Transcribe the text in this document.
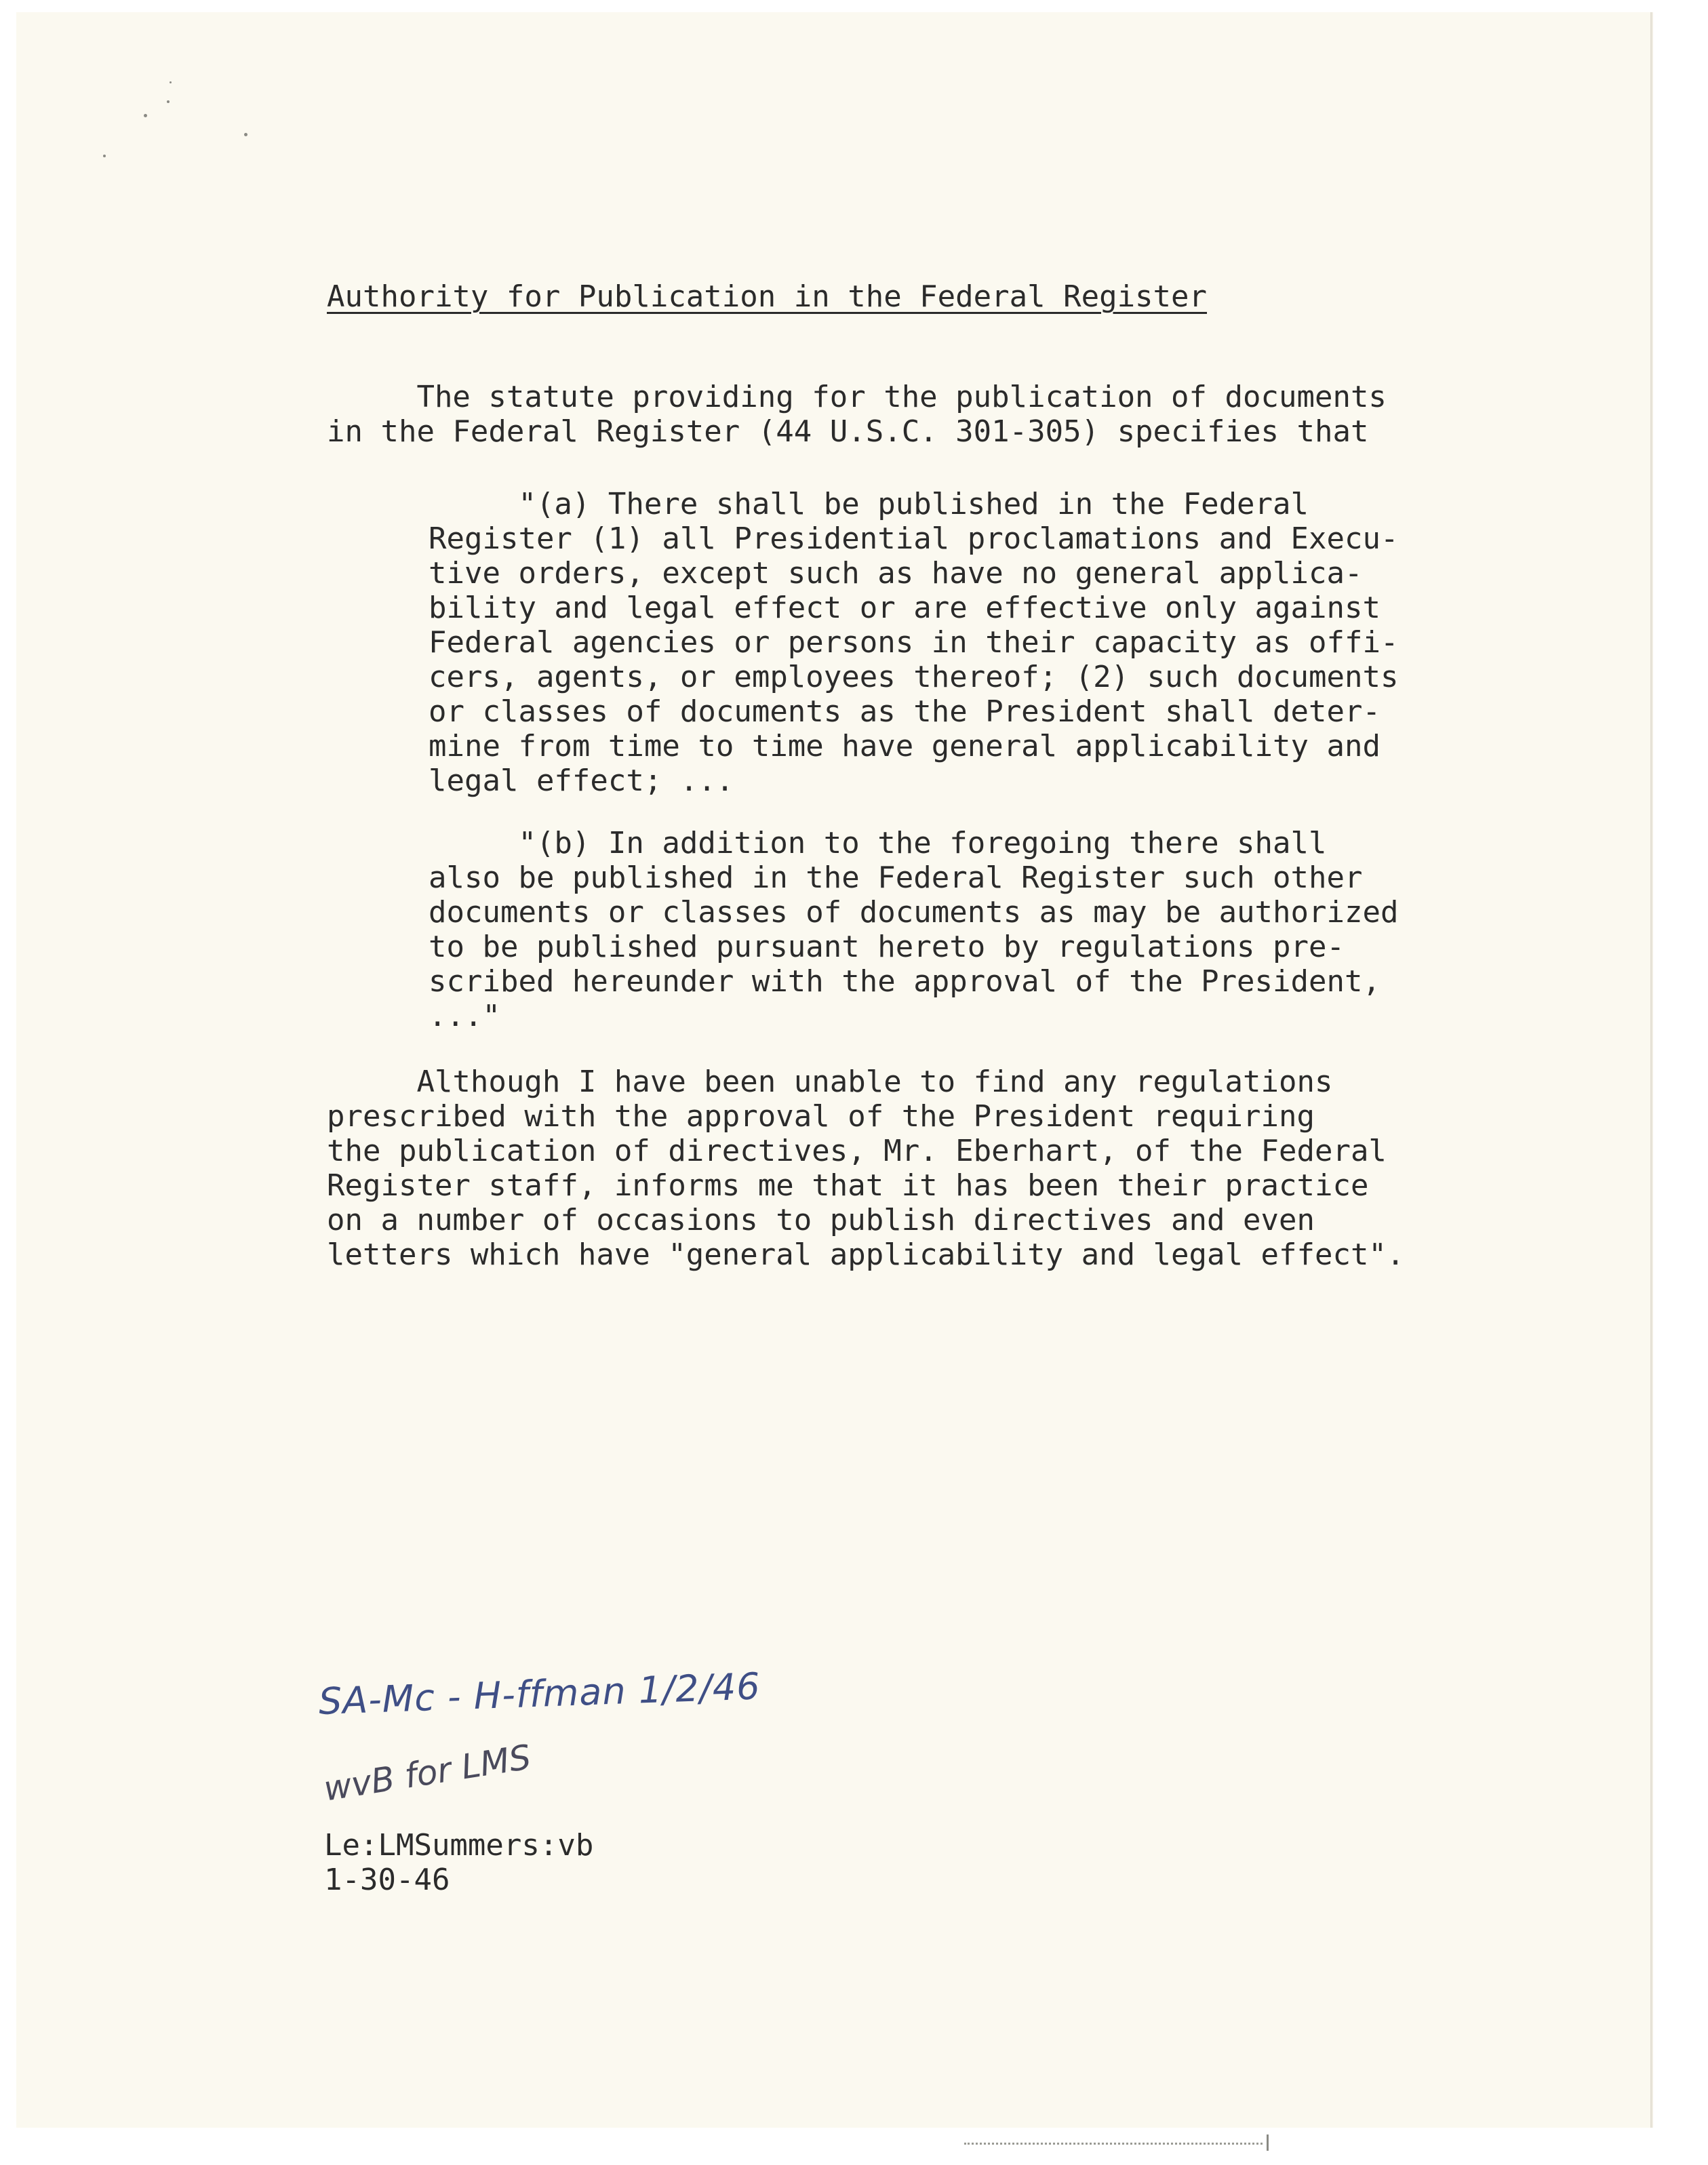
Authority for Publication in the Federal Register

The statute providing for the publication of documents
in the Federal Register (44 U.S.C. 301-305) specifies that

"(a) There shall be published in the Federal
Register (1) all Presidential proclamations and Execu-
tive orders, except such as have no general applica-
bility and legal effect or are effective only against
Federal agencies or persons in their capacity as offi-
cers, agents, or employees thereof; (2) such documents
or classes of documents as the President shall deter-
mine from time to time have general applicability and
legal effect; ...

"(b) In addition to the foregoing there shall
also be published in the Federal Register such other
documents or classes of documents as may be authorized
to be published pursuant hereto by regulations pre-
scribed hereunder with the approval of the President,
..."

Although I have been unable to find any regulations
prescribed with the approval of the President requiring
the publication of directives, Mr. Eberhart, of the Federal
Register staff, informs me that it has been their practice
on a number of occasions to publish directives and even
letters which have "general applicability and legal effect".

SA-Mc - H-ffman 1/2/46
wvB for LMS

Le:LMSummers:vb

1-30-46
